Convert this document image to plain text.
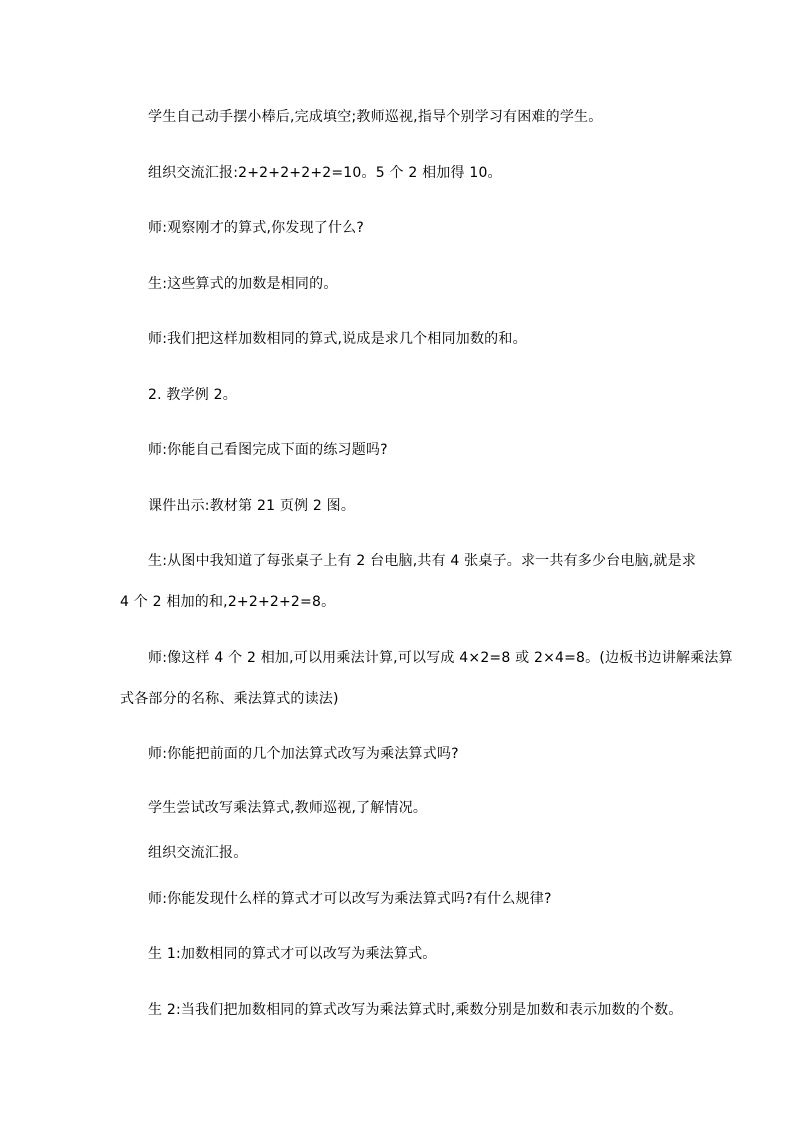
学生自己动手摆小棒后,完成填空;教师巡视,指导个别学习有困难的学生。

组织交流汇报:2+2+2+2+2=10。5 个 2 相加得 10。

师:观察刚才的算式,你发现了什么?

生:这些算式的加数是相同的。

师:我们把这样加数相同的算式,说成是求几个相同加数的和。

2. 教学例 2。

师:你能自己看图完成下面的练习题吗?

课件出示:教材第 21 页例 2 图。

生:从图中我知道了每张桌子上有 2 台电脑,共有 4 张桌子。求一共有多少台电脑,就是求

4 个 2 相加的和,2+2+2+2=8。

师:像这样 4 个 2 相加,可以用乘法计算,可以写成 4×2=8 或 2×4=8。(边板书边讲解乘法算

式各部分的名称、乘法算式的读法)

师:你能把前面的几个加法算式改写为乘法算式吗?

学生尝试改写乘法算式,教师巡视,了解情况。

组织交流汇报。

师:你能发现什么样的算式才可以改写为乘法算式吗?有什么规律?

生 1:加数相同的算式才可以改写为乘法算式。

生 2:当我们把加数相同的算式改写为乘法算式时,乘数分别是加数和表示加数的个数。
